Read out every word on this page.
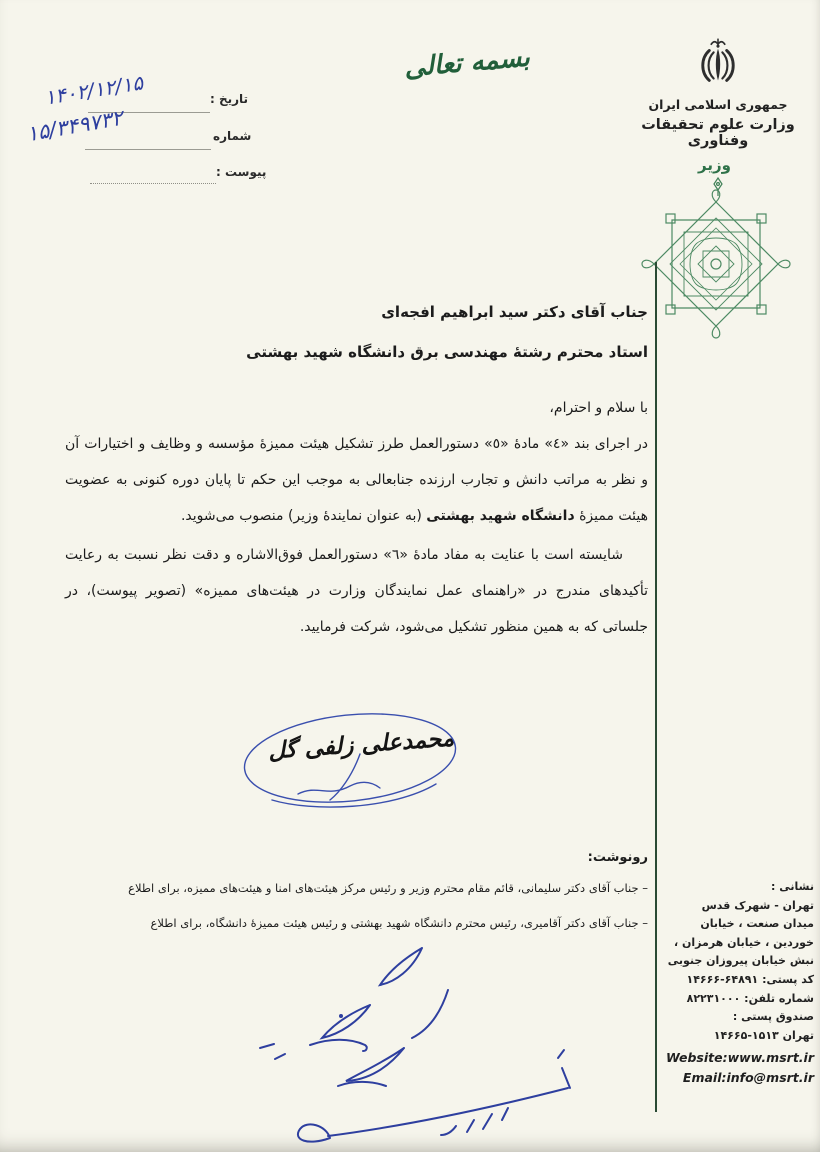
تاریخ :
۱۴۰۲/۱۲/۱۵
شماره
۱۵/۳۴۹۷۳۲
پیوست :
بسمه تعالی
جمهوری اسلامی ایران
وزارت علوم تحقیقات وفناوری
وزیر
جناب آقای دکتر سید ابراهیم افجه‌ای
استاد محترم رشتهٔ مهندسی برق دانشگاه شهید بهشتی
با سلام و احترام،
در اجرای بند «٤» مادهٔ «٥» دستورالعمل طرز تشکیل هیئت ممیزهٔ مؤسسه و وظایف و اختیارات آن
و نظر به مراتب دانش و تجارب ارزنده جنابعالی به موجب این حکم تا پایان دوره کنونی به عضویت
هیئت ممیزهٔ دانشگاه شهید بهشتی (به عنوان نمایندهٔ وزیر) منصوب می‌شوید.
شایسته است با عنایت به مفاد مادهٔ «٦» دستورالعمل فوق‌الاشاره و دقت نظر نسبت به رعایت
تأکیدهای مندرج در «راهنمای عمل نمایندگان وزارت در هیئت‌های ممیزه» (تصویر پیوست)، در
جلساتی که به همین منظور تشکیل می‌شود، شرکت فرمایید.
محمدعلی زلفی گل
رونوشت:
– جناب آقای دکتر سلیمانی، قائم مقام محترم وزیر و رئیس مرکز هیئت‌های امنا و هیئت‌های ممیزه، برای اطلاع
– جناب آقای دکتر آقامیری، رئیس محترم دانشگاه شهید بهشتی و رئیس هیئت ممیزهٔ دانشگاه، برای اطلاع
نشانی :
تهران - شهرک قدس
میدان صنعت ، خیابان
خوردین ، خیابان هرمزان ،
نبش خیابان پیروزان جنوبی
کد پستی: ۱۴۶۶۶-۶۴۸۹۱
شماره تلفن: ۸۲۲۳۱۰۰۰
صندوق پستی :
تهران ۱۴۶۶۵-۱۵۱۳
Website:www.msrt.ir
Email:info@msrt.ir
